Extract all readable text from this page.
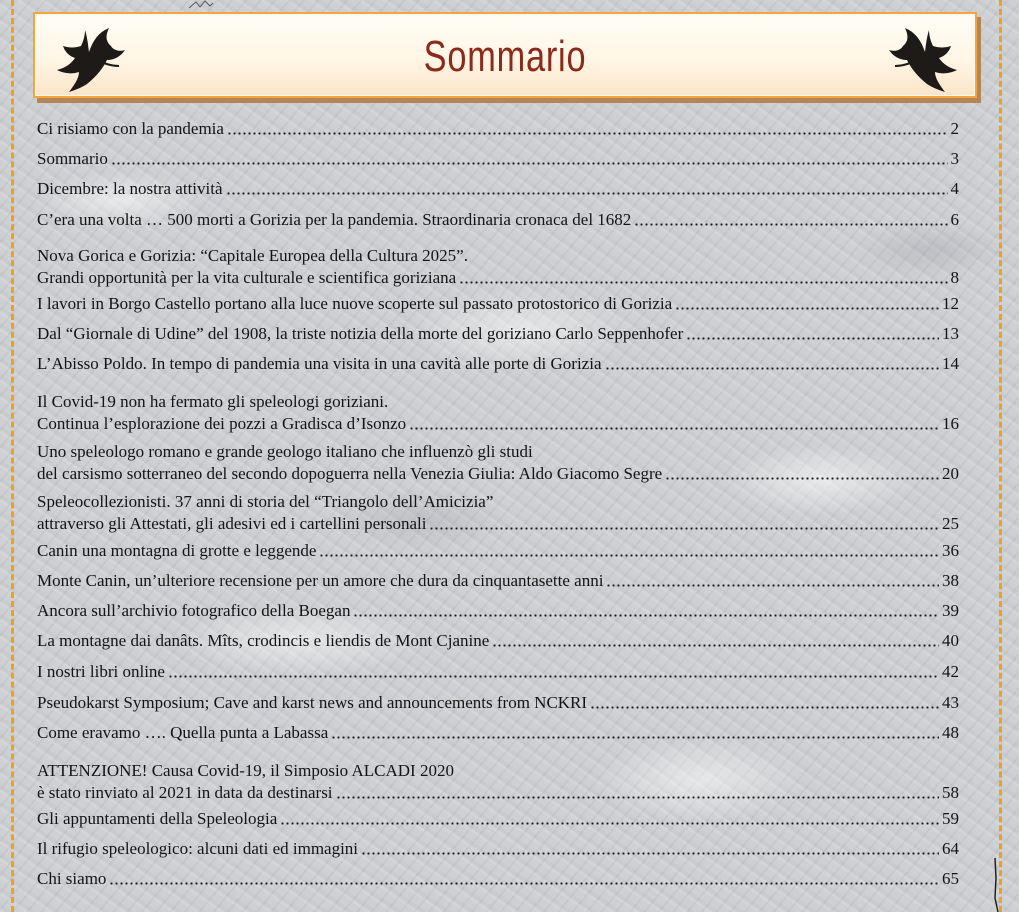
Sommario
Ci risiamo con la pandemia	2
Sommario	3
Dicembre: la nostra attività	4
C’era una volta … 500 morti a Gorizia per la pandemia. Straordinaria cronaca del 1682	6
Nova Gorica e Gorizia: “Capitale Europea della Cultura 2025”.
Grandi opportunità per la vita culturale e scientifica goriziana	8
I lavori in Borgo Castello portano alla luce nuove scoperte sul passato protostorico di Gorizia	12
Dal “Giornale di Udine” del 1908, la triste notizia della morte del goriziano Carlo Seppenhofer	13
L’Abisso Poldo. In tempo di pandemia una visita in una cavità alle porte di Gorizia	14
Il Covid-19 non ha fermato gli speleologi goriziani.
Continua l’esplorazione dei pozzi a Gradisca d’Isonzo	16
Uno speleologo romano e grande geologo italiano che influenzò gli studi
del carsismo sotterraneo del secondo dopoguerra nella Venezia Giulia: Aldo Giacomo Segre	20
Speleocollezionisti. 37 anni di storia del “Triangolo dell’Amicizia”
attraverso gli Attestati, gli adesivi ed i cartellini personali	25
Canin una montagna di grotte e leggende	36
Monte Canin, un’ulteriore recensione per un amore che dura da cinquantasette anni	38
Ancora sull’archivio fotografico della Boegan	39
La montagne dai danâts. Mîts, crodincis e liendis de Mont Cjanine	40
I nostri libri online	42
Pseudokarst Symposium; Cave and karst news and announcements from NCKRI	43
Come eravamo …. Quella punta a Labassa	48
ATTENZIONE! Causa Covid-19, il Simposio ALCADI 2020
è stato rinviato al 2021 in data da destinarsi	58
Gli appuntamenti della Speleologia	59
Il rifugio speleologico: alcuni dati ed immagini	64
Chi siamo	65
